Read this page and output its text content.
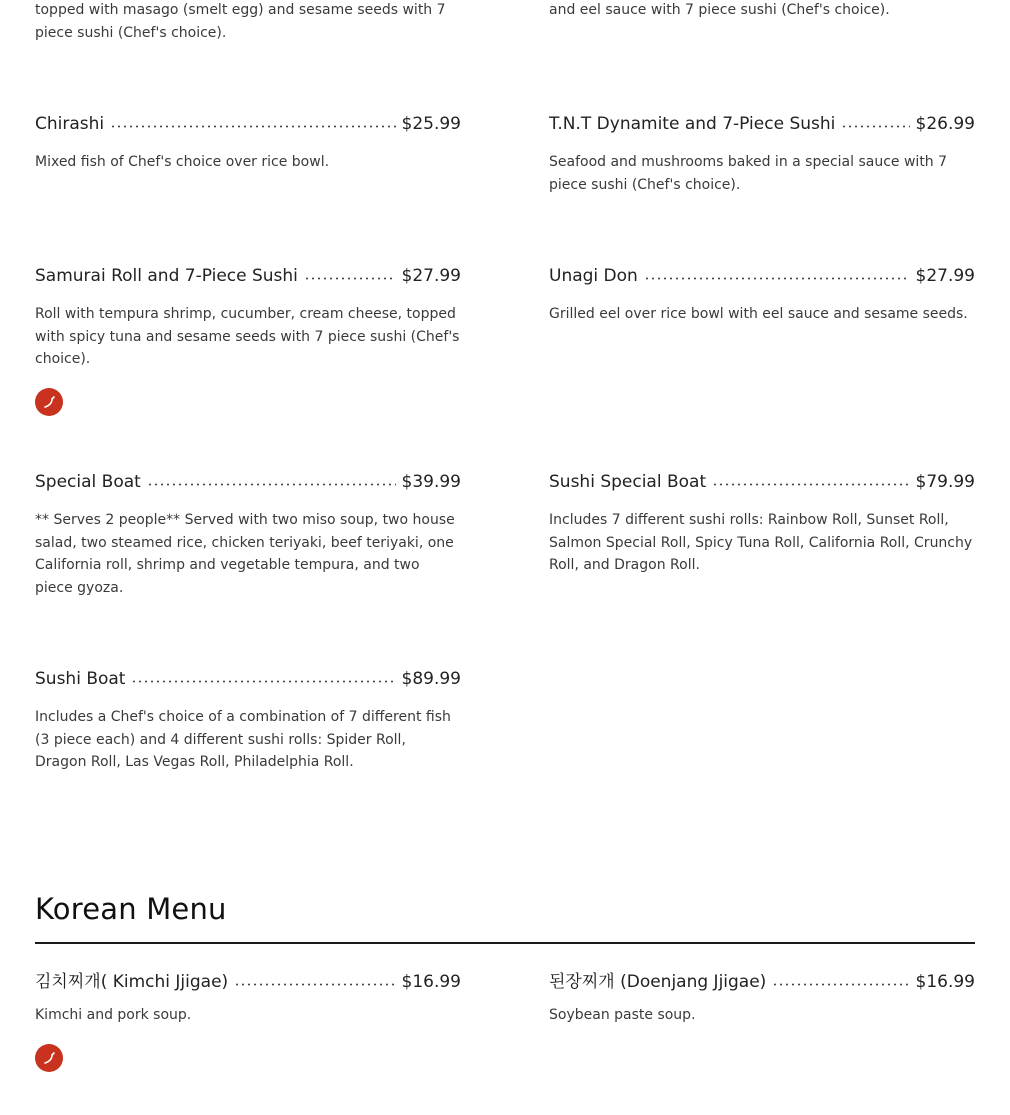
topped with masago (smelt egg) and sesame seeds with 7 piece sushi (Chef's choice).

and eel sauce with 7 piece sushi (Chef's choice).

Chirashi	$25.99

Mixed fish of Chef's choice over rice bowl.

T.N.T Dynamite and 7-Piece Sushi	$26.99

Seafood and mushrooms baked in a special sauce with 7 piece sushi (Chef's choice).

Samurai Roll and 7-Piece Sushi	$27.99

Roll with tempura shrimp, cucumber, cream cheese, topped with spicy tuna and sesame seeds with 7 piece sushi (Chef's choice).

Unagi Don	$27.99

Grilled eel over rice bowl with eel sauce and sesame seeds.

Special Boat	$39.99

** Serves 2 people** Served with two miso soup, two house salad, two steamed rice, chicken teriyaki, beef teriyaki, one California roll, shrimp and vegetable tempura, and two piece gyoza.

Sushi Special Boat	$79.99

Includes 7 different sushi rolls: Rainbow Roll, Sunset Roll, Salmon Special Roll, Spicy Tuna Roll, California Roll, Crunchy Roll, and Dragon Roll.

Sushi Boat	$89.99

Includes a Chef's choice of a combination of 7 different fish (3 piece each) and 4 different sushi rolls: Spider Roll, Dragon Roll, Las Vegas Roll, Philadelphia Roll.

Korean Menu
김치찌개( Kimchi Jjigae)	$16.99

Kimchi and pork soup.

된장찌개 (Doenjang Jjigae)	$16.99

Soybean paste soup.
